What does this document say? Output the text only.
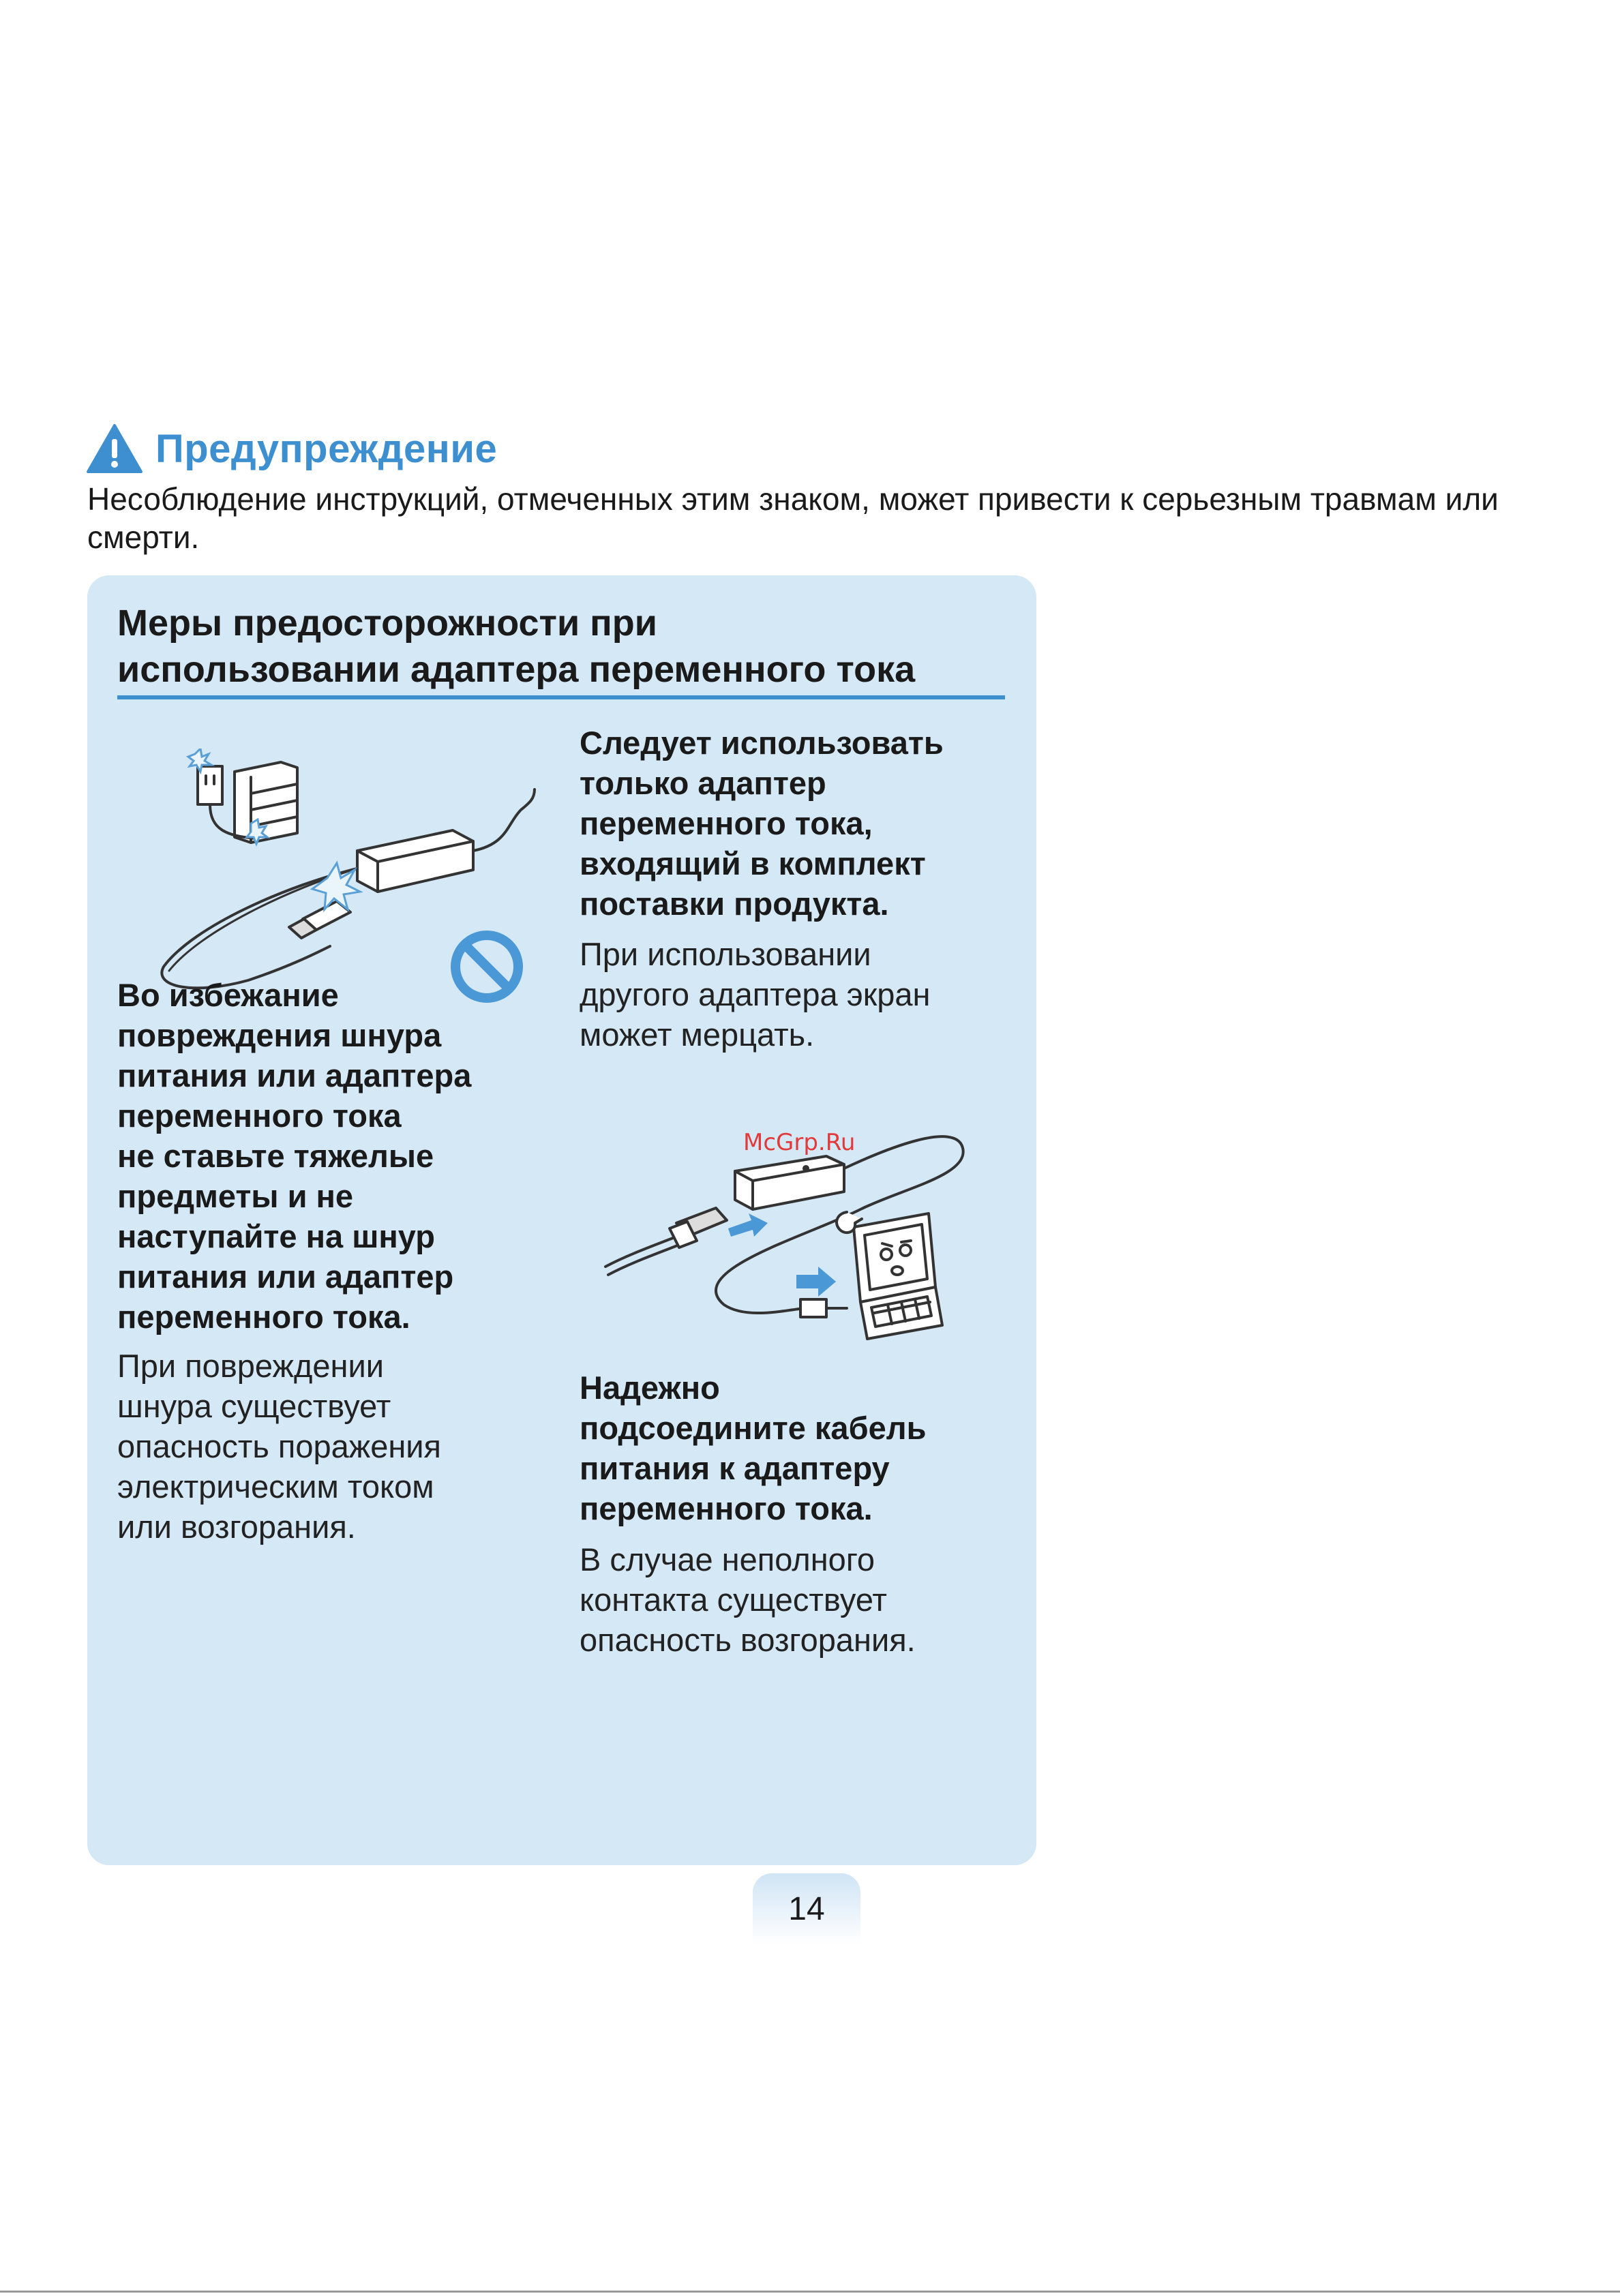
Предупреждение
Несоблюдение инструкций, отмеченных этим знаком, может привести к серьезным травмам или смерти.
Меры предосторожности при
использовании адаптера переменного тока
Во избежание
повреждения шнура
питания или адаптера
переменного тока
не ставьте тяжелые
предметы и не
наступайте на шнур
питания или адаптер
переменного тока.
При повреждении
шнура существует
опасность поражения
электрическим током
или возгорания.
Следует использовать
только адаптер
переменного тока,
входящий в комплект
поставки продукта.
При использовании
другого адаптера экран
может мерцать.
Надежно
подсоедините кабель
питания к адаптеру
переменного тока.
В случае неполного
контакта существует
опасность возгорания.
McGrp.Ru
14
